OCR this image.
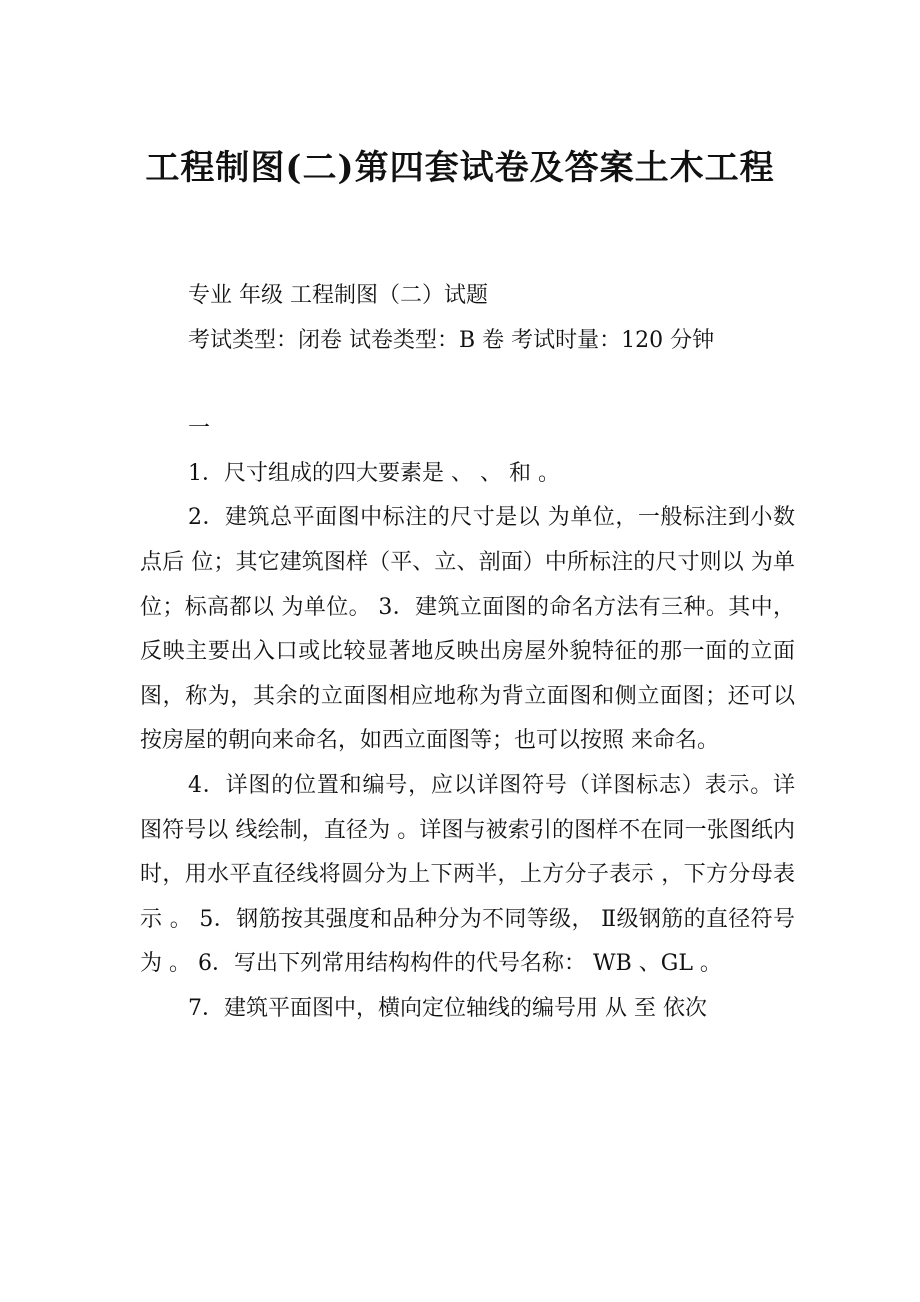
工程制图(二)第四套试卷及答案土木工程

专业 年级 工程制图（二）试题

考试类型：闭卷 试卷类型：B 卷 考试时量：120 分钟

一

1．尺寸组成的四大要素是 、 、 和 。

2．建筑总平面图中标注的尺寸是以 为单位，一般标注到小数点后 位；其它建筑图样（平、立、剖面）中所标注的尺寸则以 为单位；标高都以 为单位。 3．建筑立面图的命名方法有三种。其中，反映主要出入口或比较显著地反映出房屋外貌特征的那一面的立面图，称为，其余的立面图相应地称为背立面图和侧立面图；还可以按房屋的朝向来命名，如西立面图等；也可以按照 来命名。

4．详图的位置和编号，应以详图符号（详图标志）表示。详图符号以 线绘制，直径为 。详图与被索引的图样不在同一张图纸内时，用水平直径线将圆分为上下两半，上方分子表示 ，下方分母表示 。 5．钢筋按其强度和品种分为不同等级， Ⅱ级钢筋的直径符号为 。 6．写出下列常用结构构件的代号名称： WB 、GL 。

7．建筑平面图中，横向定位轴线的编号用 从 至 依次
